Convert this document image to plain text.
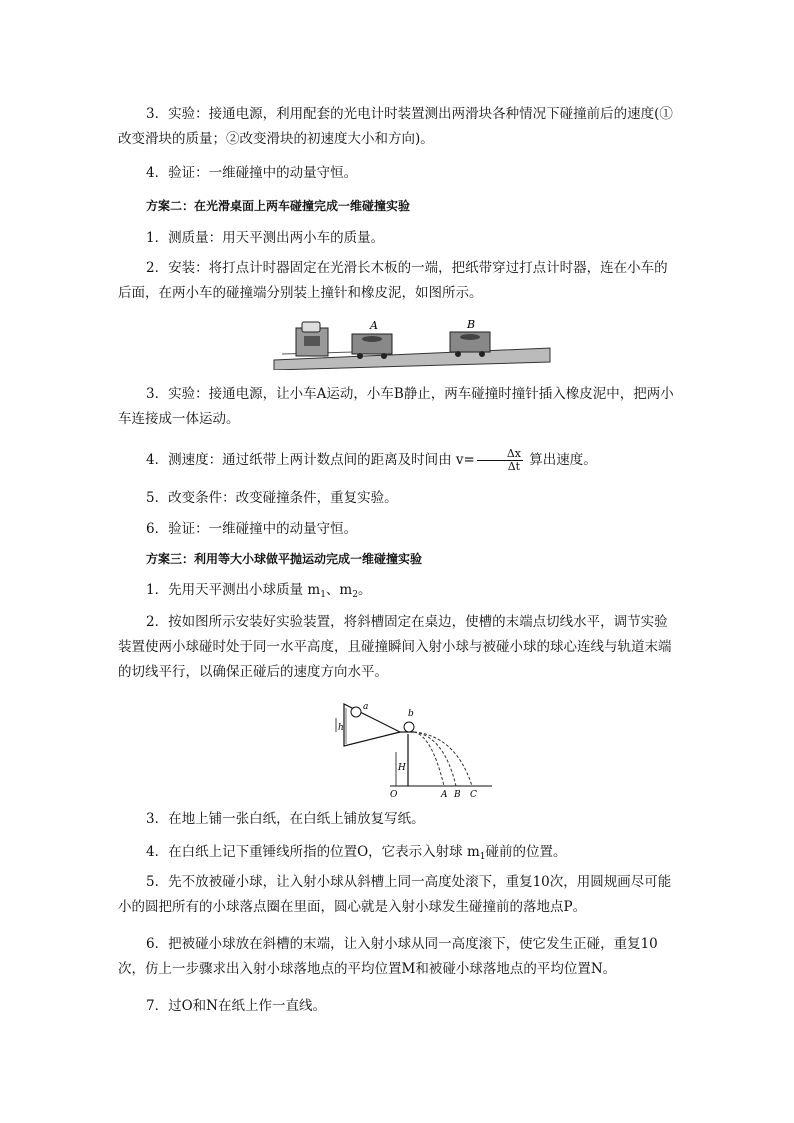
3．实验：接通电源，利用配套的光电计时装置测出两滑块各种情况下碰撞前后的速度(①改变滑块的质量；②改变滑块的初速度大小和方向)。
4．验证：一维碰撞中的动量守恒。
方案二：在光滑桌面上两车碰撞完成一维碰撞实验
1．测质量：用天平测出两小车的质量。
2．安装：将打点计时器固定在光滑长木板的一端，把纸带穿过打点计时器，连在小车的后面，在两小车的碰撞端分别装上撞针和橡皮泥，如图所示。
A	B
3．实验：接通电源，让小车A运动，小车B静止，两车碰撞时撞针插入橡皮泥中，把两小车连接成一体运动。
4．测速度：通过纸带上两计数点间的距离及时间由 $v= \frac{\Delta x}{\Delta t}$ 算出速度。
5．改变条件：改变碰撞条件，重复实验。
6．验证：一维碰撞中的动量守恒。
方案三：利用等大小球做平抛运动完成一维碰撞实验
1．先用天平测出小球质量 $m_1$、$m_2$。
2．按如图所示安装好实验装置，将斜槽固定在桌边，使槽的末端点切线水平，调节实验装置使两小球碰时处于同一水平高度，且碰撞瞬间入射小球与被碰小球的球心连线与轨道末端的切线平行，以确保正碰后的速度方向水平。
a
h
b
H
O	A B C
3．在地上铺一张白纸，在白纸上铺放复写纸。
4．在白纸上记下重锤线所指的位置O，它表示入射球 $m_1$碰前的位置。
5．先不放被碰小球，让入射小球从斜槽上同一高度处滚下，重复10次，用圆规画尽可能小的圆把所有的小球落点圈在里面，圆心就是入射小球发生碰撞前的落地点P。
6．把被碰小球放在斜槽的末端，让入射小球从同一高度滚下，使它发生正碰，重复10次，仿上一步骤求出入射小球落地点的平均位置M和被碰小球落地点的平均位置N。
7．过O和N在纸上作一直线。
